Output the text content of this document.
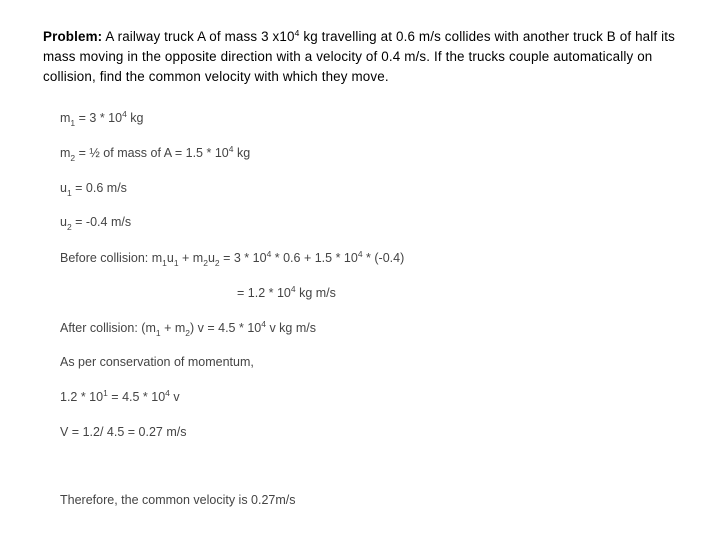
Problem: A railway truck A of mass 3 $x10^4$ kg travelling at 0.6 m/s collides with another truck B of half its mass moving in the opposite direction with a velocity of 0.4 m/s. If the trucks couple automatically on collision, find the common velocity with which they move.
$m_1 = 3 * 10^4$ kg
$m_2$ = ½ of mass of $A = 1.5 * 10^4$ kg
$u_1 = 0.6$ m/s
$u_2 = -0.4$ m/s
Before collision: $m_1u_1 + m_2u_2 = 3 * 10^4 * 0.6 + 1.5 * 10^4 * (-0.4)$
= $1.2 * 10^4$ kg m/s
After collision: $(m_1 + m_2) v = 4.5 * 10^4$ v kg m/s
As per conservation of momentum,
$1.2 * 10^1 = 4.5 * 10^4$ v
V = 1.2/ 4.5 = 0.27 m/s
Therefore, the common velocity is 0.27m/s
